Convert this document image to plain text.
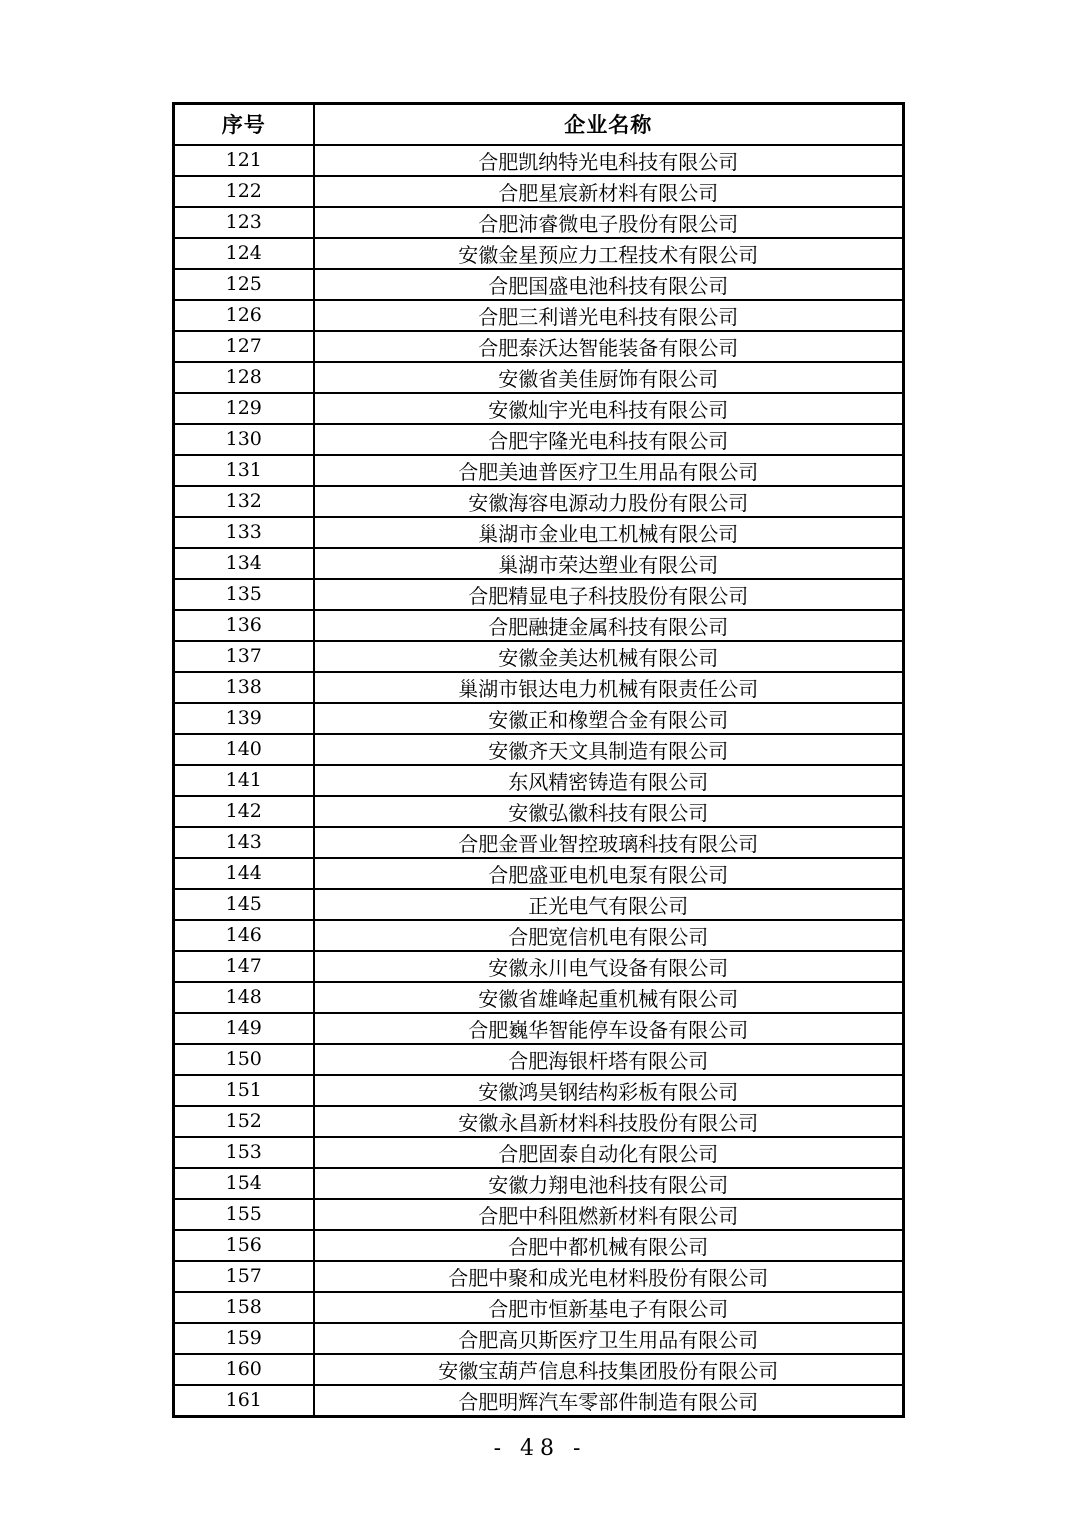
序号	企业名称
121	合肥凯纳特光电科技有限公司
122	合肥星宸新材料有限公司
123	合肥沛睿微电子股份有限公司
124	安徽金星预应力工程技术有限公司
125	合肥国盛电池科技有限公司
126	合肥三利谱光电科技有限公司
127	合肥泰沃达智能装备有限公司
128	安徽省美佳厨饰有限公司
129	安徽灿宇光电科技有限公司
130	合肥宇隆光电科技有限公司
131	合肥美迪普医疗卫生用品有限公司
132	安徽海容电源动力股份有限公司
133	巢湖市金业电工机械有限公司
134	巢湖市荣达塑业有限公司
135	合肥精显电子科技股份有限公司
136	合肥融捷金属科技有限公司
137	安徽金美达机械有限公司
138	巢湖市银达电力机械有限责任公司
139	安徽正和橡塑合金有限公司
140	安徽齐天文具制造有限公司
141	东风精密铸造有限公司
142	安徽弘徽科技有限公司
143	合肥金晋业智控玻璃科技有限公司
144	合肥盛亚电机电泵有限公司
145	正光电气有限公司
146	合肥宽信机电有限公司
147	安徽永川电气设备有限公司
148	安徽省雄峰起重机械有限公司
149	合肥巍华智能停车设备有限公司
150	合肥海银杆塔有限公司
151	安徽鸿昊钢结构彩板有限公司
152	安徽永昌新材料科技股份有限公司
153	合肥固泰自动化有限公司
154	安徽力翔电池科技有限公司
155	合肥中科阻燃新材料有限公司
156	合肥中都机械有限公司
157	合肥中聚和成光电材料股份有限公司
158	合肥市恒新基电子有限公司
159	合肥高贝斯医疗卫生用品有限公司
160	安徽宝葫芦信息科技集团股份有限公司
161	合肥明辉汽车零部件制造有限公司
- 48 -
